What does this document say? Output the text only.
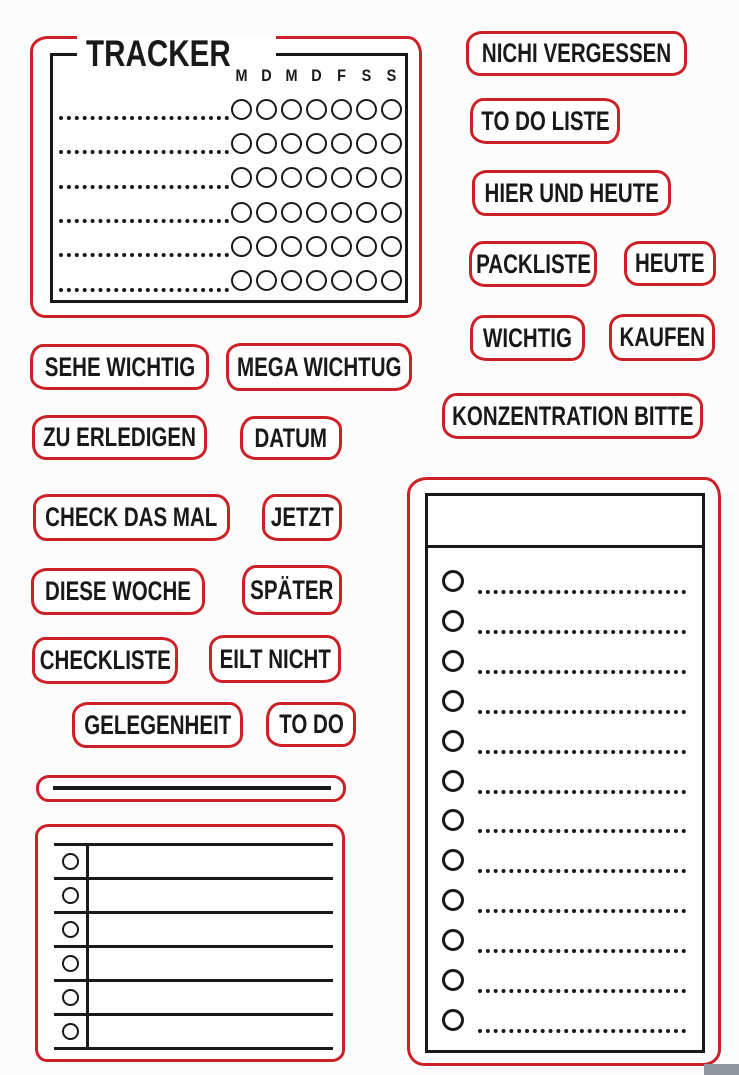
TRACKER
M D M D F S S
NICHI VERGESSEN
TO DO LISTE
HIER UND HEUTE
PACKLISTE HEUTE
WICHTIG KAUFEN
KONZENTRATION BITTE
SEHE WICHTIG MEGA WICHTUG
ZU ERLEDIGEN DATUM
CHECK DAS MAL JETZT
DIESE WOCHE SPÄTER
CHECKLISTE EILT NICHT
GELEGENHEIT TO DO
